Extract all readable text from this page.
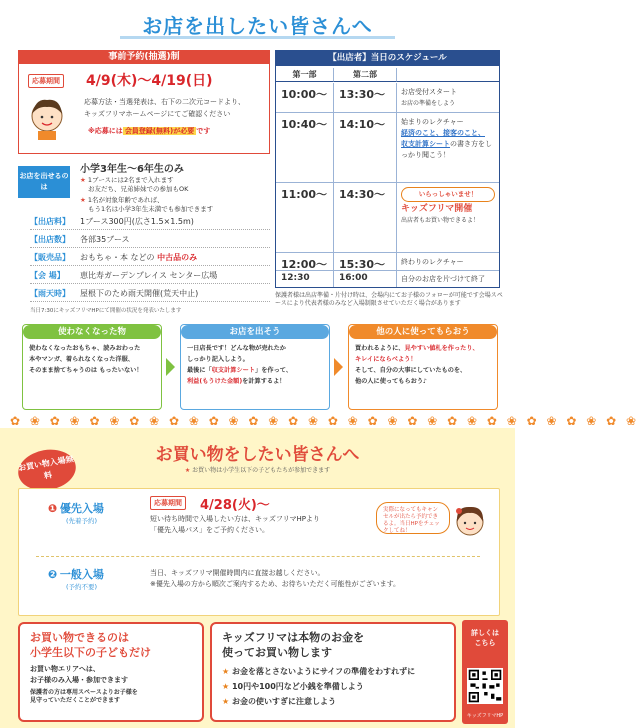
お店を出したい皆さんへ
事前予約(抽選)制
応募期間 4/9(木)〜4/19(日)
応募方法・当選発表は、右下の二次元コードより、
キッズフリマホームページにてご確認ください
※応募には 会員登録(無料)が必要 です
お店を出せるのは
小学3年生〜6年生のみ
★ 1ブースには2名まで入れます
お友だち、兄弟姉妹での参加もOK
★ 1名が対象年齢であれば、
もう1名は小学3年生未満でも参加できます
【出店料】	1ブース300円(広さ1.5×1.5m)
【出店数】	各部35ブース
【販売品】	おもちゃ・本 などの 中古品のみ
【会 場】	恵比寿ガーデンプレイス センター広場
【雨天時】	屋根下のため雨天開催(荒天中止)
当日7:30にキッズフリマHPにて開催の状況を発表いたします
【出店者】当日のスケジュール
第一部	第二部
10:00〜	13:30〜	お店受付スタート
お店の準備をしよう
10:40〜	14:10〜	始まりのレクチャー
経済のこと、接客のこと、
収支計算シートの書き方をしっかり聞こう！
11:00〜	14:30〜	いらっしゃいませ！
キッズフリマ開催
出店者もお買い物できるよ！
12:00〜	15:30〜	終わりのレクチャー
12:30	16:00	自分のお店を片づけて終了
保護者様は出店準備・片付け時は、会場内にてお子様のフォローが可能です会場スペースにより代表者様のみなど入場制限させていただく場合があります
使わなくなった物
使わなくなったおもちゃ、読みおわった
本やマンガ、着られなくなった洋服、
そのまま捨てちゃうのは もったいない！
お店を出そう
一日店長です！どんな物が売れたか
しっかり記入しよう。
最後に「収支計算シート」を作って、
利益(もうけた金額)を計算するよ！
他の人に使ってもらおう
買われるように、見やすい値札を作ったり、
キレイにならべよう！
そして、自分の大事にしていたものを、
他の人に使ってもらおう♪
✿ ❀ ✿ ❀ ✿ ❀ ✿ ❀ ✿ ❀ ✿ ❀ ✿ ❀ ✿ ❀ ✿ ❀ ✿ ❀ ✿ ❀ ✿ ❀ ✿ ❀ ✿ ❀ ✿ ❀ ✿ ❀
お買い物をしたい皆さんへ
★ お買い物は小学生以下の子どもたちが参加できます
お買い物入場無料
❶ 優先入場
(先着予約)
応募期間	4/28(火)〜
短い待ち時間で入場したい方は、キッズフリマHPより
「優先入場パス」をご予約ください。
実際になってもキャンセルが出たら予約できるよ。当日HPをチェックしてね！
❷ 一般入場
(予約不要)
当日、キッズフリマ開催時間内に直接お越しください。
※優先入場の方から順次ご案内するため、お待ちいただく可能性がございます。
お買い物できるのは
小学生以下の子どもだけ
お買い物エリアへは、
お子様のみ入場・参加できます
保護者の方は専用スペースよりお子様を
見守っていただくことができます
キッズフリマは本物のお金を
使ってお買い物します
★ お金を落とさないようにサイフの準備をわすれずに
★ 10円や100円など小銭を準備しよう
★ お金の使いすぎに注意しよう
詳しくは
こちら
キッズフリマHP
